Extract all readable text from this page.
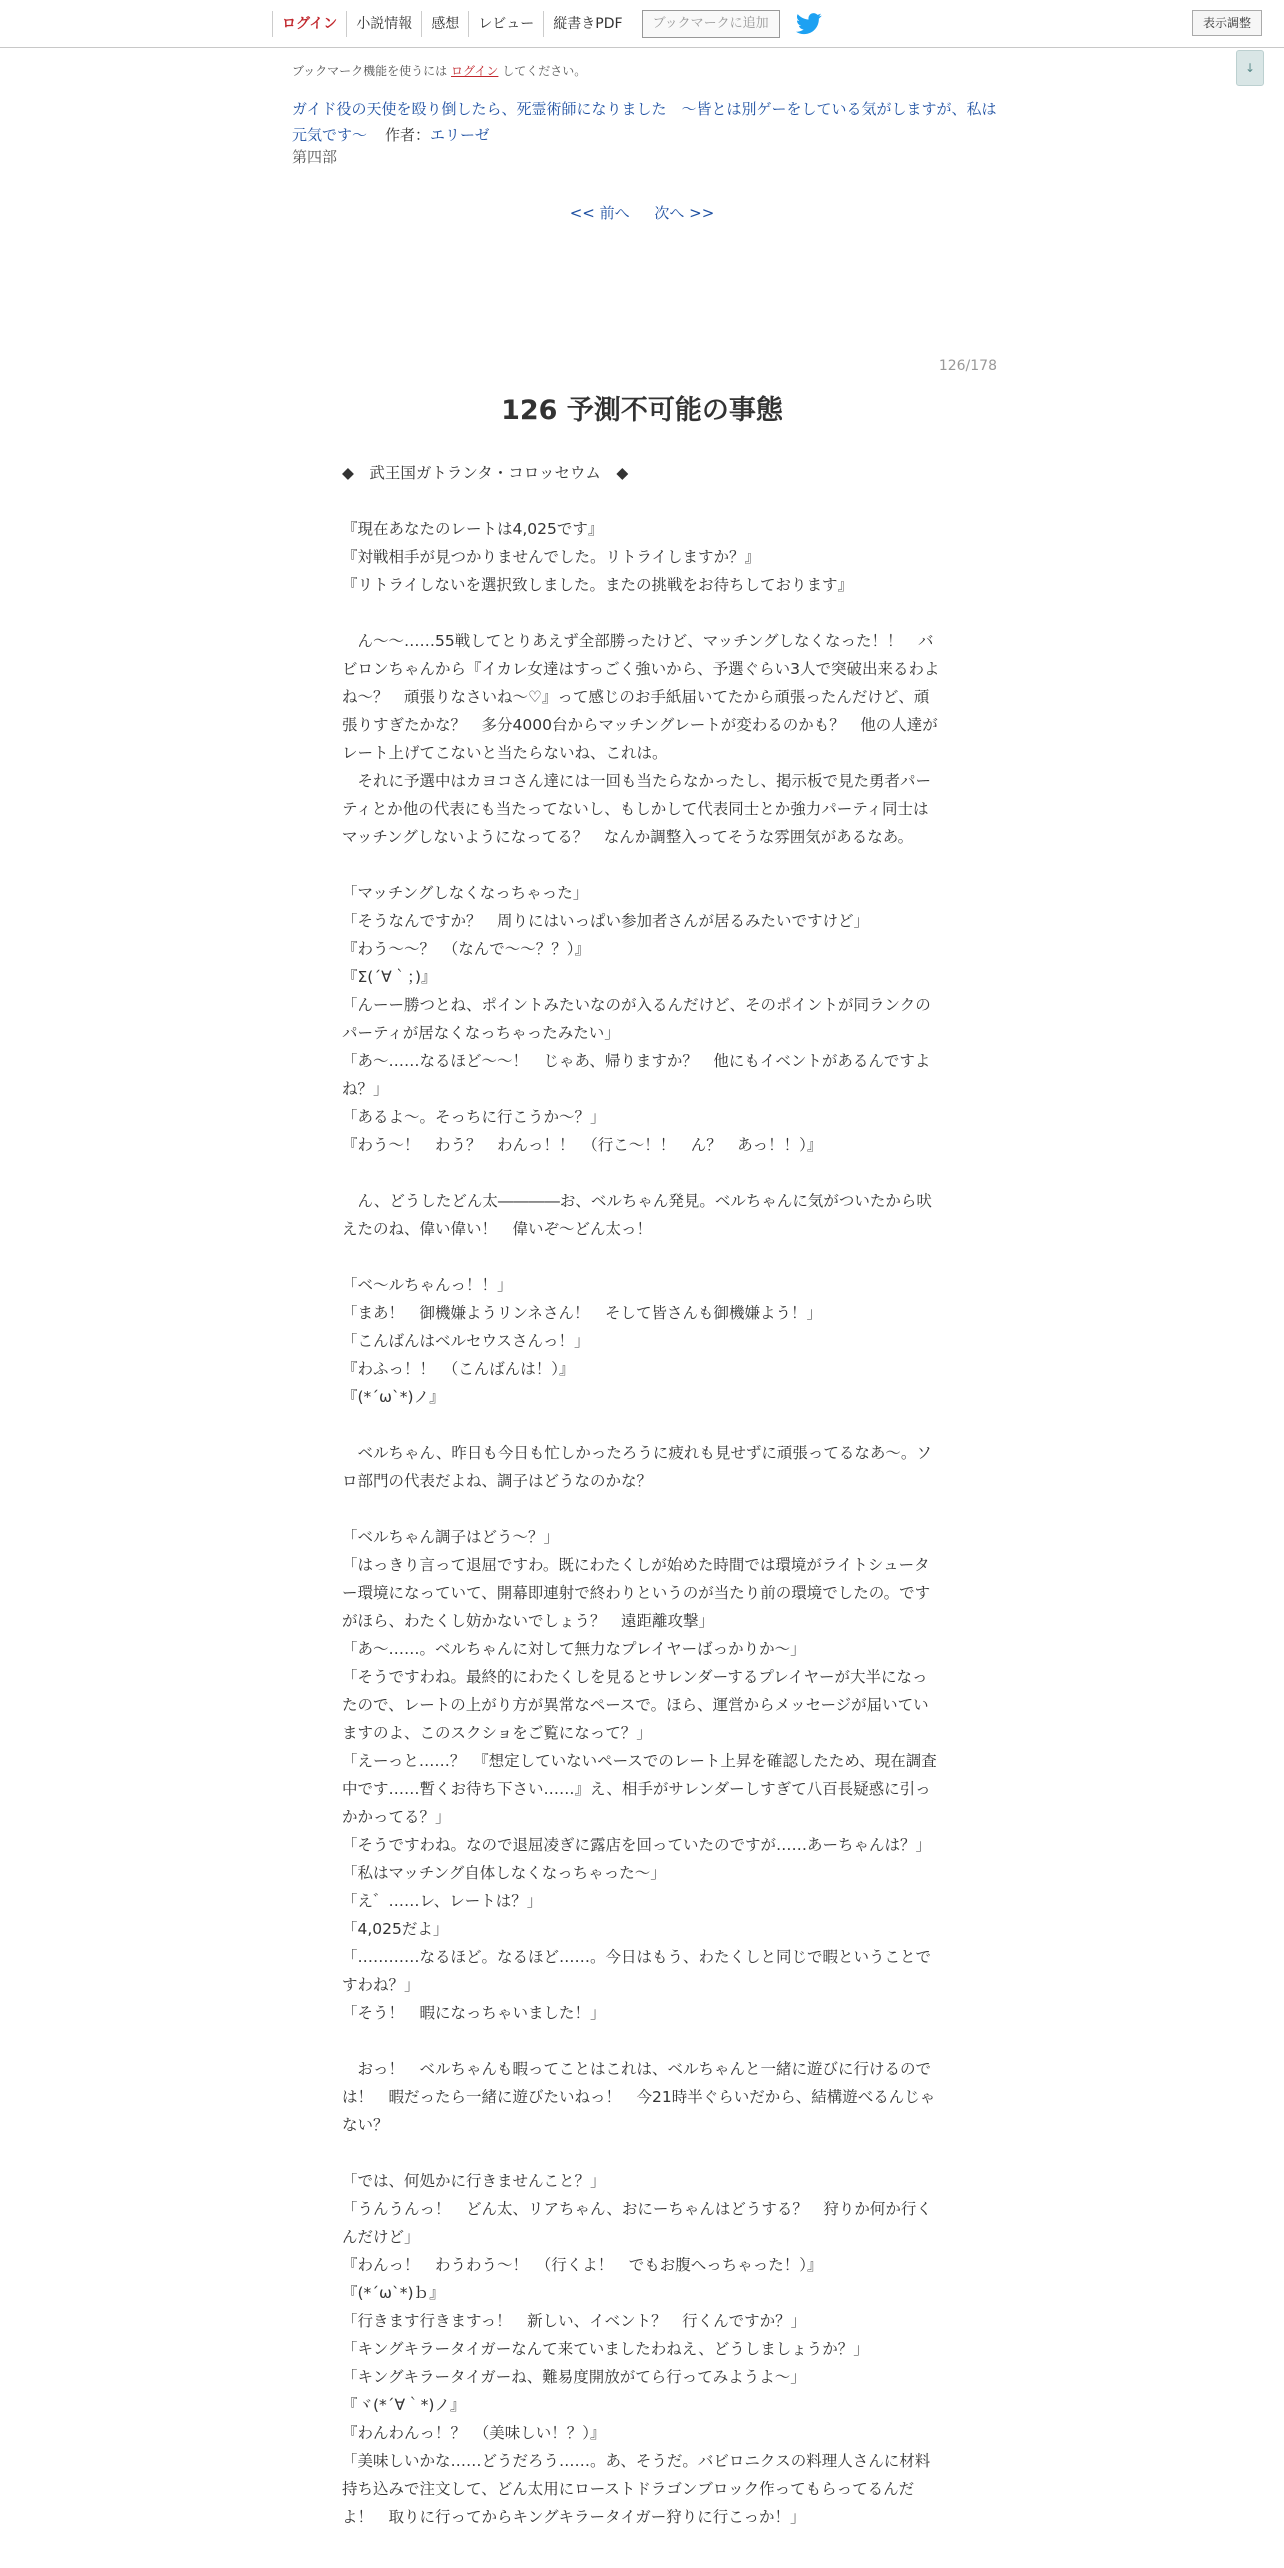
ログイン	小説情報	感想	レビュー	縦書きPDF	ブックマークに追加	表示調整
↓
ブックマーク機能を使うには ログイン してください。
ガイド役の天使を殴り倒したら、死霊術師になりました　～皆とは別ゲーをしている気がしますが、私は元気です～ 作者：エリーゼ
第四部
<< 前へ 次へ >>
126/178
126 予測不可能の事態

◆　武王国ガトランタ・コロッセウム　◆

『現在あなたのレートは4,025です』

『対戦相手が見つかりませんでした。リトライしますか？』

『リトライしないを選択致しました。またの挑戦をお待ちしております』

　ん～～……55戦してとりあえず全部勝ったけど、マッチングしなくなった！！　バビロンちゃんから『イカレ女達はすっごく強いから、予選ぐらい3人で突破出来るわよね～？　頑張りなさいね～♡』って感じのお手紙届いてたから頑張ったんだけど、頑張りすぎたかな？　多分4000台からマッチングレートが変わるのかも？　他の人達がレート上げてこないと当たらないね、これは。

　それに予選中はカヨコさん達には一回も当たらなかったし、掲示板で見た勇者パーティとか他の代表にも当たってないし、もしかして代表同士とか強力パーティ同士はマッチングしないようになってる？　なんか調整入ってそうな雰囲気があるなあ。

「マッチングしなくなっちゃった」

「そうなんですか？　周りにはいっぱい参加者さんが居るみたいですけど」

『わう～～？　（なんで～～？？）』

『Σ(´∀｀；)』

「んーー勝つとね、ポイントみたいなのが入るんだけど、そのポイントが同ランクのパーティが居なくなっちゃったみたい」

「あ～……なるほど～～！　じゃあ、帰りますか？　他にもイベントがあるんですよね？」

「あるよ～。そっちに行こうか～？」

『わう～！　わう？　わんっ！！　（行こ～！！　ん？　あっ！！）』

　ん、どうしたどん太――――お、ベルちゃん発見。ベルちゃんに気がついたから吠えたのね、偉い偉い！　偉いぞ～どん太っ！

「ベ～ルちゃんっ！！」

「まあ！　御機嫌ようリンネさん！　そして皆さんも御機嫌よう！」

「こんばんはベルセウスさんっ！」

『わふっ！！　（こんばんは！）』

『(*´ω`*)ノ』

　ベルちゃん、昨日も今日も忙しかったろうに疲れも見せずに頑張ってるなあ～。ソロ部門の代表だよね、調子はどうなのかな？

「ベルちゃん調子はどう～？」

「はっきり言って退屈ですわ。既にわたくしが始めた時間では環境がライトシューター環境になっていて、開幕即連射で終わりというのが当たり前の環境でしたの。ですがほら、わたくし妨かないでしょう？　遠距離攻撃」

「あ～……。ベルちゃんに対して無力なプレイヤーばっかりか～」

「そうですわね。最終的にわたくしを見るとサレンダーするプレイヤーが大半になったので、レートの上がり方が異常なペースで。ほら、運営からメッセージが届いていますのよ、このスクショをご覧になって？」

「えーっと……？　『想定していないペースでのレート上昇を確認したため、現在調査中です……暫くお待ち下さい……』え、相手がサレンダーしすぎて八百長疑惑に引っかかってる？」

「そうですわね。なので退屈凌ぎに露店を回っていたのですが……あーちゃんは？」

「私はマッチング自体しなくなっちゃった～」

「え゛……レ、レートは？」

「4,025だよ」

「…………なるほど。なるほど……。今日はもう、わたくしと同じで暇ということですわね？」

「そう！　暇になっちゃいました！」

　おっ！　ベルちゃんも暇ってことはこれは、ベルちゃんと一緒に遊びに行けるのでは！　暇だったら一緒に遊びたいねっ！　今21時半ぐらいだから、結構遊べるんじゃない？

「では、何処かに行きませんこと？」

「うんうんっ！　どん太、リアちゃん、おにーちゃんはどうする？　狩りか何か行くんだけど」

『わんっ！　わうわう～！　（行くよ！　でもお腹へっちゃった！）』

『(*´ω`*)ｂ』

「行きます行きますっ！　新しい、イベント？　行くんですか？」

「キングキラータイガーなんて来ていましたわねえ、どうしましょうか？」

「キングキラータイガーね、難易度開放がてら行ってみようよ～」

『ヾ(*´∀｀*)ノ』

『わんわんっ！？　（美味しい！？）』

「美味しいかな……どうだろう……。あ、そうだ。バビロニクスの料理人さんに材料持ち込みで注文して、どん太用にローストドラゴンブロック作ってもらってるんだよ！　取りに行ってからキングキラータイガー狩りに行こっか！」
